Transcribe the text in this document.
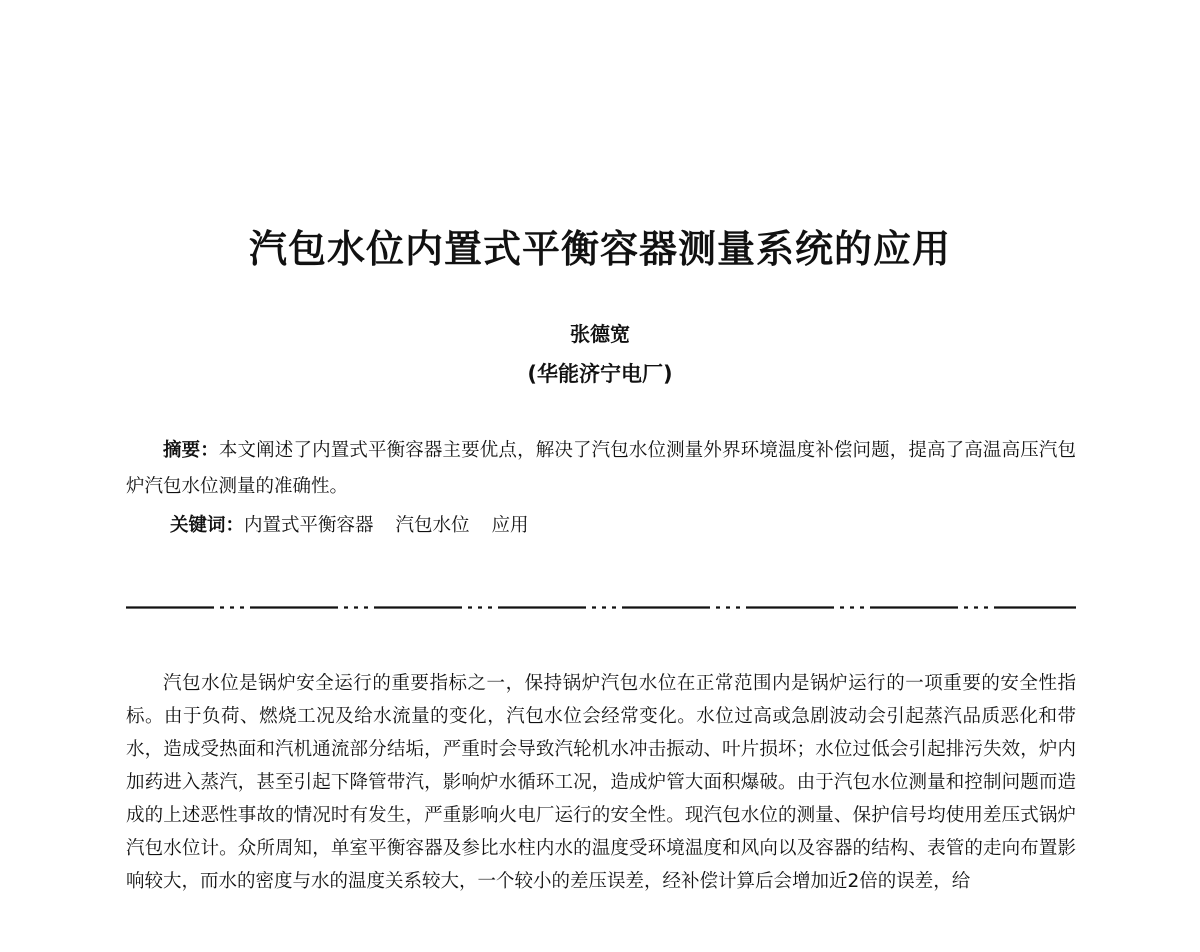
汽包水位内置式平衡容器测量系统的应用
张德宽
(华能济宁电厂)

摘要：本文阐述了内置式平衡容器主要优点，解决了汽包水位测量外界环境温度补偿问题，提高了高温高压汽包炉汽包水位测量的准确性。

关键词：内置式平衡容器 汽包水位 应用

汽包水位是锅炉安全运行的重要指标之一，保持锅炉汽包水位在正常范围内是锅炉运行的一项重要的安全性指标。由于负荷、燃烧工况及给水流量的变化，汽包水位会经常变化。水位过高或急剧波动会引起蒸汽品质恶化和带水，造成受热面和汽机通流部分结垢，严重时会导致汽轮机水冲击振动、叶片损坏；水位过低会引起排污失效，炉内加药进入蒸汽，甚至引起下降管带汽，影响炉水循环工况，造成炉管大面积爆破。由于汽包水位测量和控制问题而造成的上述恶性事故的情况时有发生，严重影响火电厂运行的安全性。现汽包水位的测量、保护信号均使用差压式锅炉汽包水位计。众所周知，单室平衡容器及参比水柱内水的温度受环境温度和风向以及容器的结构、表管的走向布置影响较大，而水的密度与水的温度关系较大，一个较小的差压误差，经补偿计算后会增加近2倍的误差，给
